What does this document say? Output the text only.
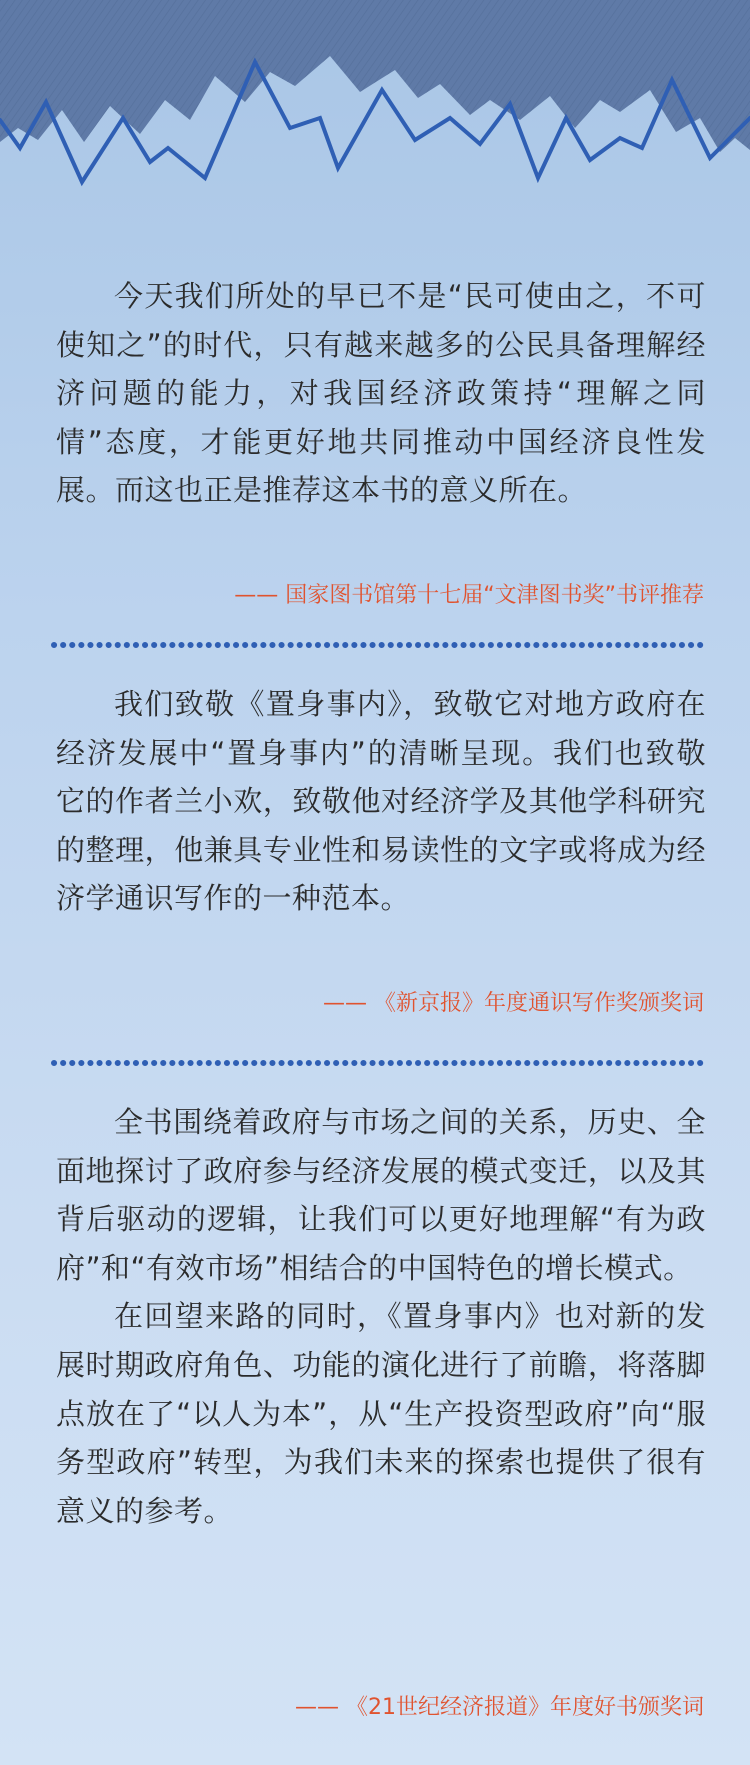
今天我们所处的早已不是“民可使由之，不可使知之”的时代，只有越来越多的公民具备理解经济问题的能力，对我国经济政策持“理解之同情”态度，才能更好地共同推动中国经济良性发展。而这也正是推荐这本书的意义所在。

—— 国家图书馆第十七届“文津图书奖”书评推荐

我们致敬《置身事内》，致敬它对地方政府在经济发展中“置身事内”的清晰呈现。我们也致敬它的作者兰小欢，致敬他对经济学及其他学科研究的整理，他兼具专业性和易读性的文字或将成为经济学通识写作的一种范本。

—— 《新京报》年度通识写作奖颁奖词

全书围绕着政府与市场之间的关系，历史、全面地探讨了政府参与经济发展的模式变迁，以及其背后驱动的逻辑，让我们可以更好地理解“有为政府”和“有效市场”相结合的中国特色的增长模式。

在回望来路的同时，《置身事内》也对新的发展时期政府角色、功能的演化进行了前瞻，将落脚点放在了“以人为本”，从“生产投资型政府”向“服务型政府”转型，为我们未来的探索也提供了很有意义的参考。

—— 《21世纪经济报道》年度好书颁奖词
